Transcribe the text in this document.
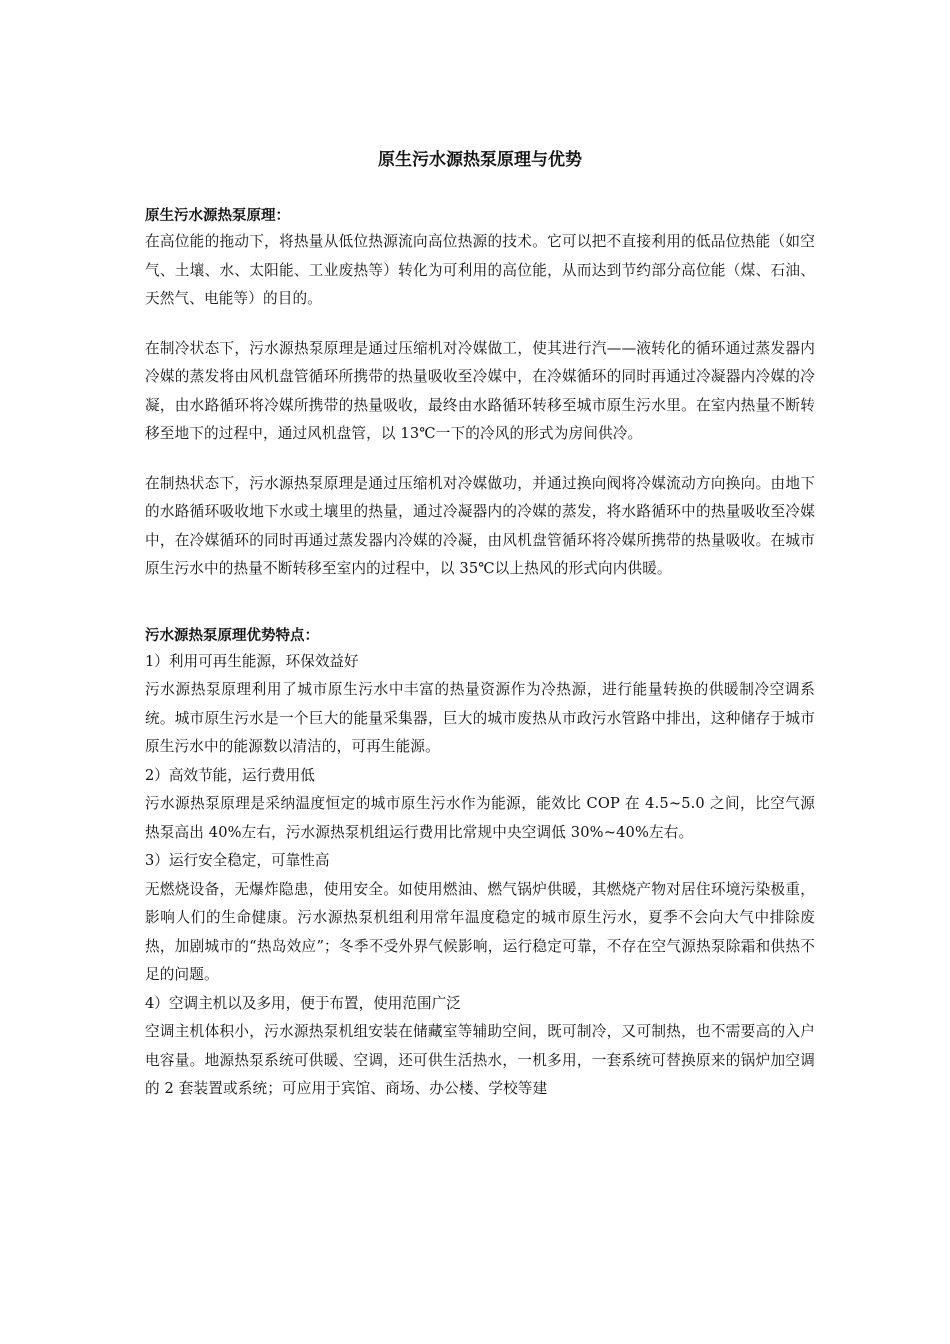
原生污水源热泵原理与优势

原生污水源热泵原理：

在高位能的拖动下，将热量从低位热源流向高位热源的技术。它可以把不直接利用的低品位热能（如空气、土壤、水、太阳能、工业废热等）转化为可利用的高位能，从而达到节约部分高位能（煤、石油、天然气、电能等）的目的。

在制冷状态下，污水源热泵原理是通过压缩机对冷媒做工，使其进行汽——液转化的循环通过蒸发器内冷媒的蒸发将由风机盘管循环所携带的热量吸收至冷媒中，在冷媒循环的同时再通过冷凝器内冷媒的冷凝，由水路循环将冷媒所携带的热量吸收，最终由水路循环转移至城市原生污水里。在室内热量不断转移至地下的过程中，通过风机盘管，以 13℃一下的冷风的形式为房间供冷。

在制热状态下，污水源热泵原理是通过压缩机对冷媒做功，并通过换向阀将冷媒流动方向换向。由地下的水路循环吸收地下水或土壤里的热量，通过冷凝器内的冷媒的蒸发，将水路循环中的热量吸收至冷媒中，在冷媒循环的同时再通过蒸发器内冷媒的冷凝，由风机盘管循环将冷媒所携带的热量吸收。在城市原生污水中的热量不断转移至室内的过程中，以 35℃以上热风的形式向内供暖。

污水源热泵原理优势特点：

1）利用可再生能源，环保效益好

污水源热泵原理利用了城市原生污水中丰富的热量资源作为冷热源，进行能量转换的供暖制冷空调系统。城市原生污水是一个巨大的能量采集器，巨大的城市废热从市政污水管路中排出，这种储存于城市原生污水中的能源数以清洁的，可再生能源。

2）高效节能，运行费用低

污水源热泵原理是采纳温度恒定的城市原生污水作为能源，能效比 COP 在 4.5~5.0 之间，比空气源热泵高出 40%左右，污水源热泵机组运行费用比常规中央空调低 30%~40%左右。

3）运行安全稳定，可靠性高

无燃烧设备，无爆炸隐患，使用安全。如使用燃油、燃气锅炉供暖，其燃烧产物对居住环境污染极重，影响人们的生命健康。污水源热泵机组利用常年温度稳定的城市原生污水，夏季不会向大气中排除废热，加剧城市的“热岛效应”；冬季不受外界气候影响，运行稳定可靠，不存在空气源热泵除霜和供热不足的问题。

4）空调主机以及多用，便于布置，使用范围广泛

空调主机体积小，污水源热泵机组安装在储藏室等辅助空间，既可制冷，又可制热，也不需要高的入户电容量。地源热泵系统可供暖、空调，还可供生活热水，一机多用，一套系统可替换原来的锅炉加空调的 2 套装置或系统；可应用于宾馆、商场、办公楼、学校等建
